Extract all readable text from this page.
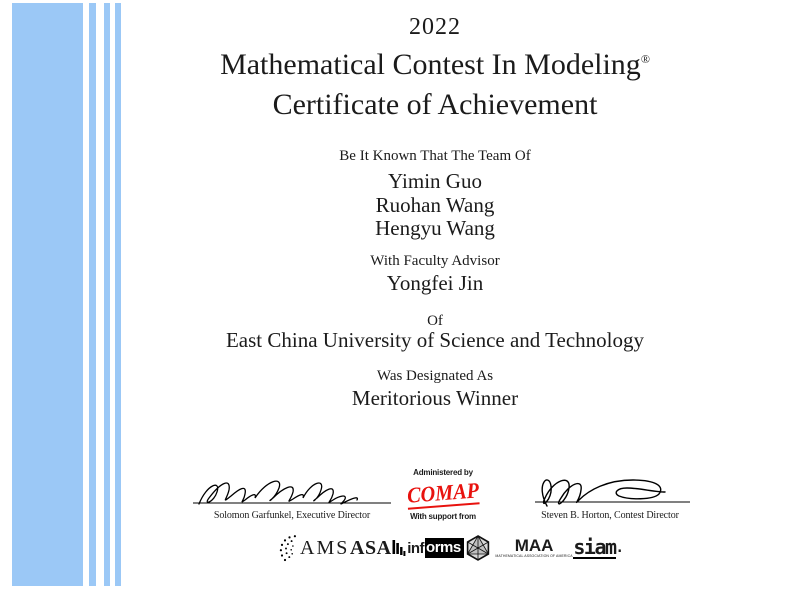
2022
Mathematical Contest In Modeling®
Certificate of Achievement
Be It Known That The Team Of
Yimin Guo
Ruohan Wang
Hengyu Wang
With Faculty Advisor
Yongfei Jin
Of
East China University of Science and Technology
Was Designated As
Meritorious Winner
Solomon Garfunkel, Executive Director
Administered by
COMAP
With support from	Steven B. Horton, Contest Director
AMS ASA inf orms	MAA
MATHEMATICAL ASSOCIATION OF AMERICA siam .
